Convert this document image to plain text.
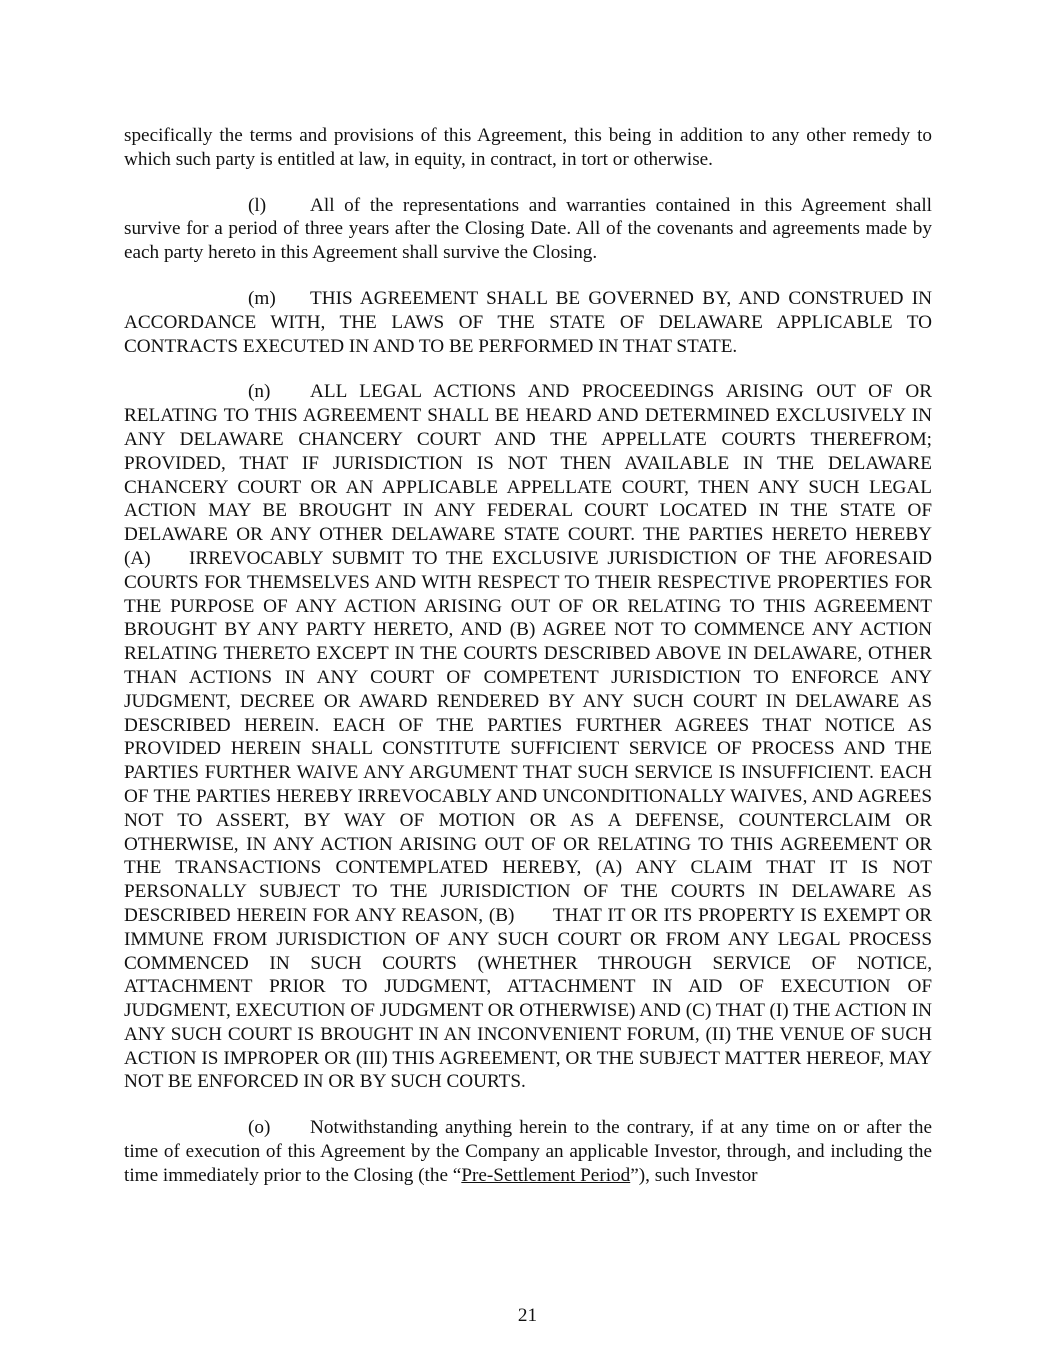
specifically the terms and provisions of this Agreement, this being in addition to any other remedy to which such party is entitled at law, in equity, in contract, in tort or otherwise.

(l) All of the representations and warranties contained in this Agreement shall survive for a period of three years after the Closing Date. All of the covenants and agreements made by each party hereto in this Agreement shall survive the Closing.

(m) THIS AGREEMENT SHALL BE GOVERNED BY, AND CONSTRUED IN ACCORDANCE WITH, THE LAWS OF THE STATE OF DELAWARE APPLICABLE TO CONTRACTS EXECUTED IN AND TO BE PERFORMED IN THAT STATE.

(n) ALL LEGAL ACTIONS AND PROCEEDINGS ARISING OUT OF OR RELATING TO THIS AGREEMENT SHALL BE HEARD AND DETERMINED EXCLUSIVELY IN ANY DELAWARE CHANCERY COURT AND THE APPELLATE COURTS THEREFROM; PROVIDED, THAT IF JURISDICTION IS NOT THEN AVAILABLE IN THE DELAWARE CHANCERY COURT OR AN APPLICABLE APPELLATE COURT, THEN ANY SUCH LEGAL ACTION MAY BE BROUGHT IN ANY FEDERAL COURT LOCATED IN THE STATE OF DELAWARE OR ANY OTHER DELAWARE STATE COURT. THE PARTIES HERETO HEREBY (A)  IRREVOCABLY SUBMIT TO THE EXCLUSIVE JURISDICTION OF THE AFORESAID COURTS FOR THEMSELVES AND WITH RESPECT TO THEIR RESPECTIVE PROPERTIES FOR THE PURPOSE OF ANY ACTION ARISING OUT OF OR RELATING TO THIS AGREEMENT BROUGHT BY ANY PARTY HERETO, AND (B) AGREE NOT TO COMMENCE ANY ACTION RELATING THERETO EXCEPT IN THE COURTS DESCRIBED ABOVE IN DELAWARE, OTHER THAN ACTIONS IN ANY COURT OF COMPETENT JURISDICTION TO ENFORCE ANY JUDGMENT, DECREE OR AWARD RENDERED BY ANY SUCH COURT IN DELAWARE AS DESCRIBED HEREIN. EACH OF THE PARTIES FURTHER AGREES THAT NOTICE AS PROVIDED HEREIN SHALL CONSTITUTE SUFFICIENT SERVICE OF PROCESS AND THE PARTIES FURTHER WAIVE ANY ARGUMENT THAT SUCH SERVICE IS INSUFFICIENT. EACH OF THE PARTIES HEREBY IRREVOCABLY AND UNCONDITIONALLY WAIVES, AND AGREES NOT TO ASSERT, BY WAY OF MOTION OR AS A DEFENSE, COUNTERCLAIM OR OTHERWISE, IN ANY ACTION ARISING OUT OF OR RELATING TO THIS AGREEMENT OR THE TRANSACTIONS CONTEMPLATED HEREBY, (A) ANY CLAIM THAT IT IS NOT PERSONALLY SUBJECT TO THE JURISDICTION OF THE COURTS IN DELAWARE AS DESCRIBED HEREIN FOR ANY REASON, (B)  THAT IT OR ITS PROPERTY IS EXEMPT OR IMMUNE FROM JURISDICTION OF ANY SUCH COURT OR FROM ANY LEGAL PROCESS COMMENCED IN SUCH COURTS (WHETHER THROUGH SERVICE OF NOTICE, ATTACHMENT PRIOR TO JUDGMENT, ATTACHMENT IN AID OF EXECUTION OF JUDGMENT, EXECUTION OF JUDGMENT OR OTHERWISE) AND (C) THAT (I) THE ACTION IN ANY SUCH COURT IS BROUGHT IN AN INCONVENIENT FORUM, (II) THE VENUE OF SUCH ACTION IS IMPROPER OR (III) THIS AGREEMENT, OR THE SUBJECT MATTER HEREOF, MAY NOT BE ENFORCED IN OR BY SUCH COURTS.

(o) Notwithstanding anything herein to the contrary, if at any time on or after the time of execution of this Agreement by the Company an applicable Investor, through, and including the time immediately prior to the Closing (the “Pre-Settlement Period”), such Investor

21
